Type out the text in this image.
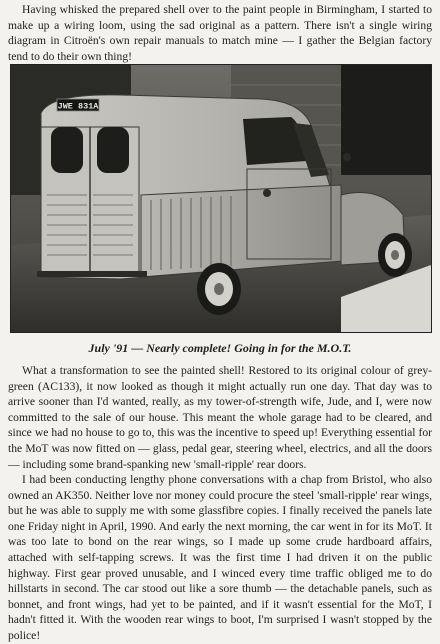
Having whisked the prepared shell over to the paint people in Birmingham, I started to make up a wiring loom, using the sad original as a pattern. There isn't a single wiring diagram in Citroën's own repair manuals to match mine — I gather the Belgian factory tend to do their own thing!

JWE 831A
July '91 — Nearly complete! Going in for the M.O.T.

What a transformation to see the painted shell! Restored to its original colour of grey-green (AC133), it now looked as though it might actually run one day. That day was to arrive sooner than I'd wanted, really, as my tower-of-strength wife, Jude, and I, were now committed to the sale of our house. This meant the whole garage had to be cleared, and since we had no house to go to, this was the incentive to speed up! Everything essential for the MoT was now fitted on — glass, pedal gear, steering wheel, electrics, and all the doors — including some brand-spanking new 'small-ripple' rear doors.

I had been conducting lengthy phone conversations with a chap from Bristol, who also owned an AK350. Neither love nor money could procure the steel 'small-ripple' rear wings, but he was able to supply me with some glassfibre copies. I finally received the panels late one Friday night in April, 1990. And early the next morning, the car went in for its MoT. It was too late to bond on the rear wings, so I made up some crude hardboard affairs, attached with self-tapping screws. It was the first time I had driven it on the public highway. First gear proved unusable, and I winced every time traffic obliged me to do hillstarts in second. The car stood out like a sore thumb — the detachable panels, such as bonnet, and front wings, had yet to be painted, and if it wasn't essential for the MoT, I hadn't fitted it. With the wooden rear wings to boot, I'm surprised I wasn't stopped by the police!
